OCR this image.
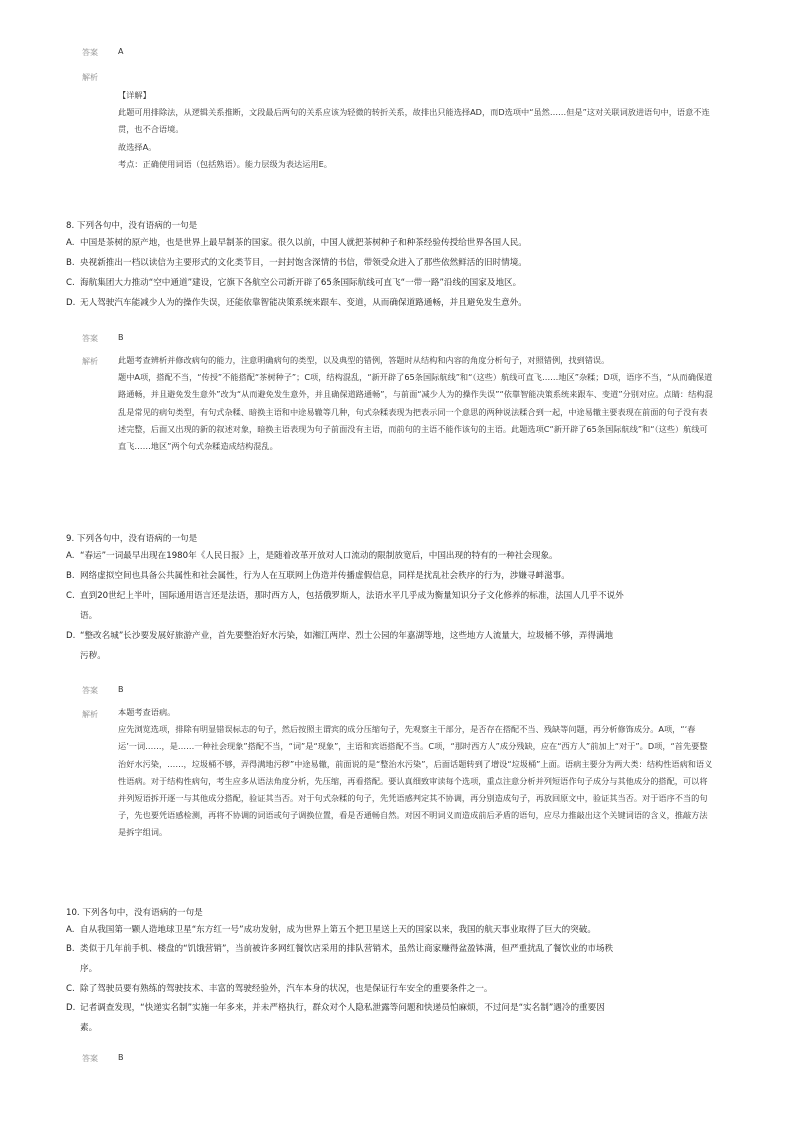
答案	A
解析

【详解】

此题可用排除法，从逻辑关系推断，文段最后两句的关系应该为轻微的转折关系，故排出只能选择AD，而D选项中“虽然……但是”这对关联词放进语句中，语意不连贯，也不合语境。

故选择A。

考点：正确使用词语（包括熟语）。能力层级为表达运用E。

8. 下列各句中，没有语病的一句是
A. 中国是茶树的原产地，也是世界上最早制茶的国家。很久以前，中国人就把茶树种子和种茶经验传授给世界各国人民。
B. 央视新推出一档以读信为主要形式的文化类节目，一封封饱含深情的书信，带领受众进入了那些依然鲜活的旧时情境。
C. 海航集团大力推动“空中通道”建设，它旗下各航空公司新开辟了65条国际航线可直飞“一带一路”沿线的国家及地区。
D. 无人驾驶汽车能减少人为的操作失误，还能依靠智能决策系统来跟车、变道，从而确保道路通畅，并且避免发生意外。
答案	B
解析 此题考查辨析并修改病句的能力，注意明确病句的类型，以及典型的错例，答题时从结构和内容的角度分析句子，对照错例，找到错误。

题中A项，搭配不当，“传授”不能搭配“茶树种子”；C项，结构混乱，“新开辟了65条国际航线”和“（这些）航线可直飞……地区”杂糅；D项，语序不当，“从而确保道路通畅，并且避免发生意外”改为“从而避免发生意外，并且确保道路通畅”，与前面“减少人为的操作失误”“依靠智能决策系统来跟车、变道”分别对应。点睛：结构混乱是常见的病句类型，有句式杂糅、暗换主语和中途易辙等几种，句式杂糅表现为把表示同一个意思的两种说法糅合到一起，中途易辙主要表现在前面的句子没有表述完整，后面又出现的新的叙述对象，暗换主语表现为句子前面没有主语，而前句的主语不能作该句的主语。此题选项C“新开辟了65条国际航线”和“（这些）航线可直飞……地区”两个句式杂糅造成结构混乱。

9. 下列各句中，没有语病的一句是
A. “春运”一词最早出现在1980年《人民日报》上，是随着改革开放对人口流动的限制放宽后，中国出现的特有的一种社会现象。
B. 网络虚拟空间也具备公共属性和社会属性，行为人在互联网上伪造并传播虚假信息，同样是扰乱社会秩序的行为，涉嫌寻衅滋事。
C. 直到20世纪上半叶，国际通用语言还是法语，那时西方人，包括俄罗斯人，法语水平几乎成为衡量知识分子文化修养的标准，法国人几乎不说外
语。
D. “整改名城”长沙要发展好旅游产业，首先要整治好水污染，如湘江两岸、烈士公园的年嘉湖等地，这些地方人流量大，垃圾桶不够，弄得满地
污秽。
答案	B
解析 本题考查语病。

应先浏览选项，排除有明显错误标志的句子，然后按照主谓宾的成分压缩句子，先观察主干部分，是否存在搭配不当、残缺等问题，再分析修饰成分。A项，“‘春运’一词……，是……一种社会现象”搭配不当，“词”是“现象”，主语和宾语搭配不当。C项，“那时西方人”成分残缺，应在“西方人”前加上“对于”。D项，“首先要整治好水污染，……，垃圾桶不够，弄得满地污秽”中途易辙，前面说的是“整治水污染”，后面话题转到了增设“垃圾桶”上面。语病主要分为两大类：结构性语病和语义性语病。对于结构性病句，考生应多从语法角度分析，先压缩，再看搭配。要认真细致审读每个选项，重点注意分析并列短语作句子成分与其他成分的搭配，可以将并列短语拆开逐一与其他成分搭配，验证其当否。对于句式杂糅的句子，先凭语感判定其不协调，再分别造成句子，再放回原文中，验证其当否。对于语序不当的句子，先也要凭语感检测，再将不协调的词语或句子调换位置，看是否通畅自然。对因不明词义而造成前后矛盾的语句，应尽力推敲出这个关键词语的含义，推敲方法是拆字组词。

10. 下列各句中，没有语病的一句是
A. 自从我国第一颗人造地球卫星“东方红一号”成功发射，成为世界上第五个把卫星送上天的国家以来，我国的航天事业取得了巨大的突破。
B. 类似于几年前手机、楼盘的“饥饿营销”，当前被许多网红餐饮店采用的排队营销术，虽然让商家赚得盆盈钵满，但严重扰乱了餐饮业的市场秩
序。
C. 除了驾驶员要有熟练的驾驶技术、丰富的驾驶经验外，汽车本身的状况，也是保证行车安全的重要条件之一。
D. 记者调查发现，“快递实名制”实施一年多来，并未严格执行，群众对个人隐私泄露等问题和快递员怕麻烦，不过问是“实名制”遇冷的重要因
素。
答案	B
